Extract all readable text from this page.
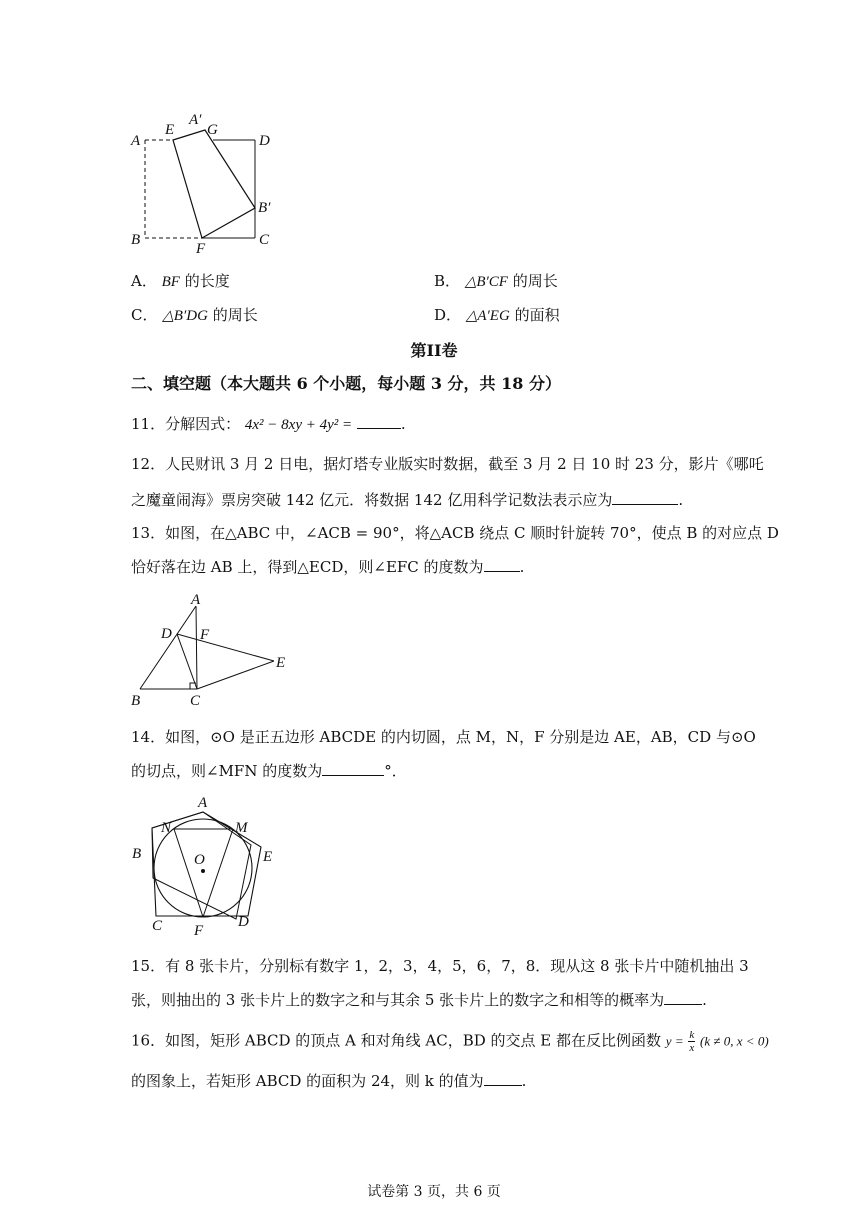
A
E
A′
G
D
B′
B
F
C
A． BF 的长度	B． △B′CF 的周长
C． △B′DG 的周长	D． △A′EG 的面积
第II卷
二、填空题（本大题共 6 个小题，每小题 3 分，共 18 分）
11．分解因式： 4x² − 8xy + 4y² =	.
12．人民财讯 3 月 2 日电，据灯塔专业版实时数据，截至 3 月 2 日 10 时 23 分，影片《哪吒
之魔童闹海》票房突破 142 亿元．将数据 142 亿用科学记数法表示应为	.
13．如图，在△ABC 中，∠ACB = 90°，将△ACB 绕点 C 顺时针旋转 70°，使点 B 的对应点 D
恰好落在边 AB 上，得到△ECD，则∠EFC 的度数为 .
A
D F
E
B	C
14．如图，⊙O 是正五边形 ABCDE 的内切圆，点 M，N，F 分别是边 AE，AB，CD 与⊙O
的切点，则∠MFN 的度数为	°．
A
N	M
B	O	E
C F
D
15．有 8 张卡片，分别标有数字 1，2，3，4，5，6，7，8．现从这 8 张卡片中随机抽出 3
张，则抽出的 3 张卡片上的数字之和与其余 5 张卡片上的数字之和相等的概率为	.
16．如图，矩形 ABCD 的顶点 A 和对角线 AC，BD 的交点 E 都在反比例函数 $y = \frac{k}{x} (k \ne 0$, x < 0)
的图象上，若矩形 ABCD 的面积为 24，则 k 的值为	.
试卷第 3 页，共 6 页
